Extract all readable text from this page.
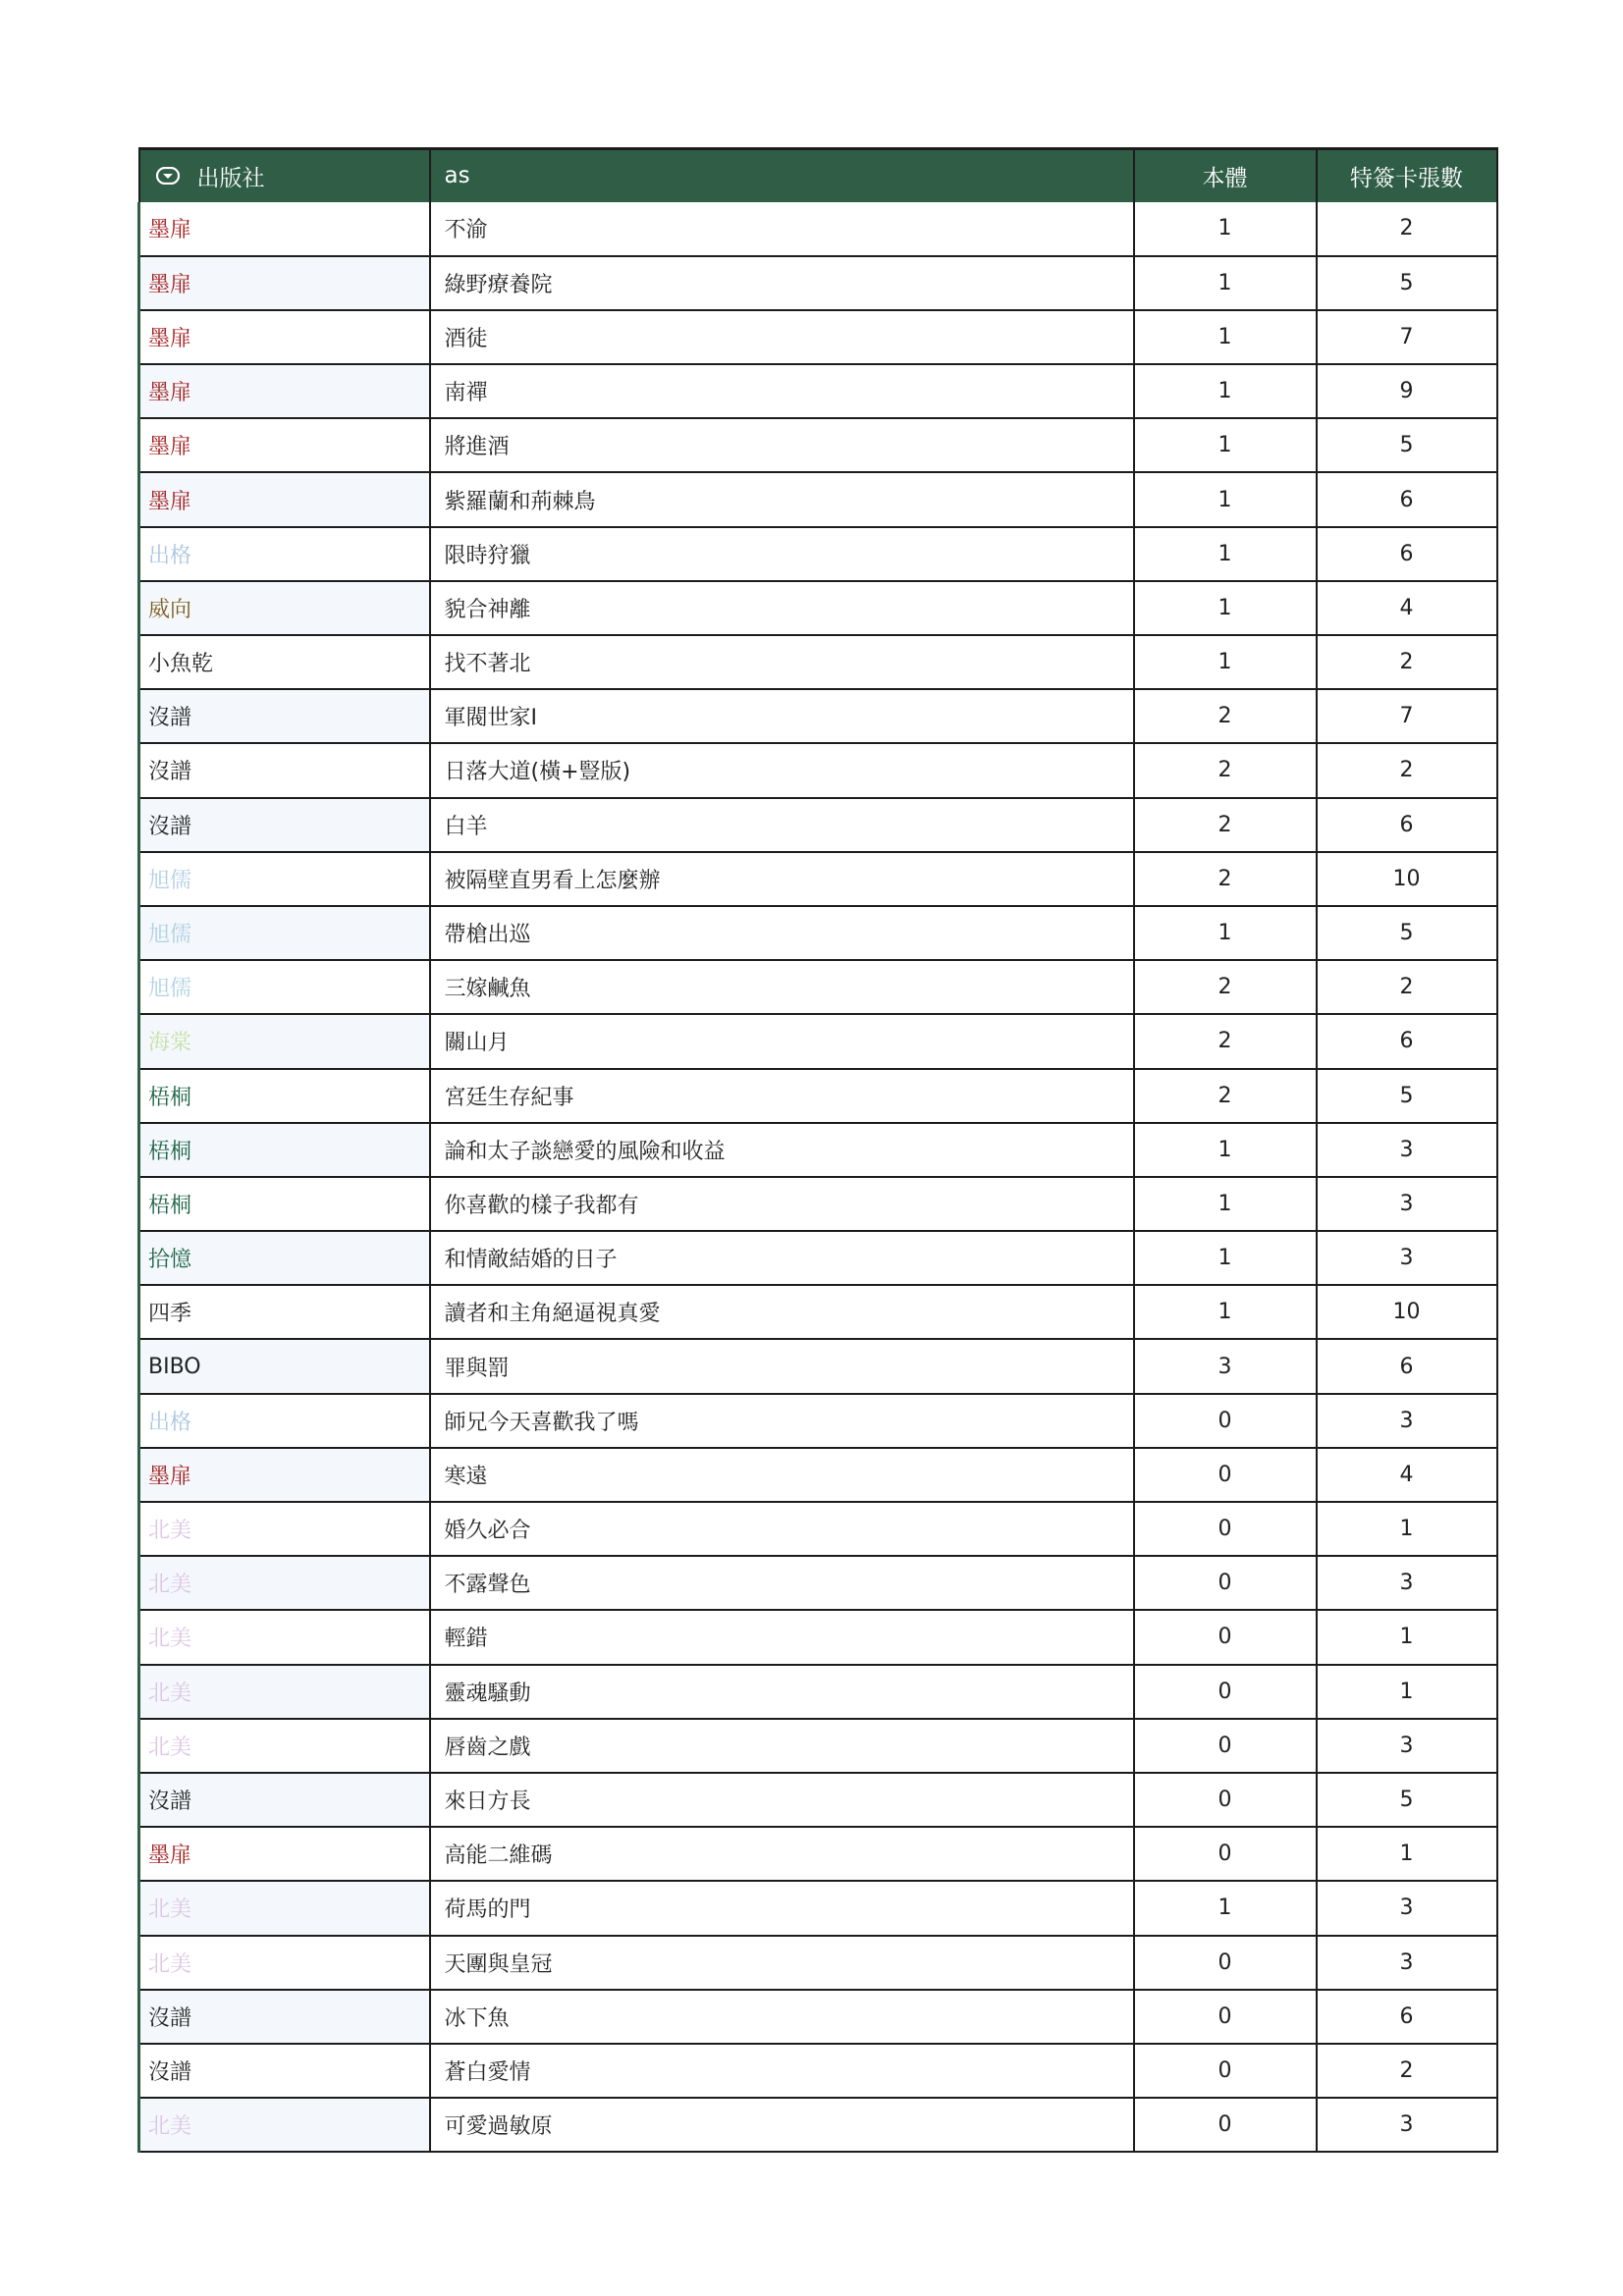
出版社	as	本體	特簽卡張數
墨扉	不渝	1	2
墨扉	綠野療養院	1	5
墨扉	酒徒	1	7
墨扉	南禪	1	9
墨扉	將進酒	1	5
墨扉	紫羅蘭和荊棘鳥	1	6
出格	限時狩獵	1	6
威向	貌合神離	1	4
小魚乾	找不著北	1	2
沒譜	軍閥世家I	2	7
沒譜	日落大道(橫+豎版)	2	2
沒譜	白羊	2	6
旭儒	被隔壁直男看上怎麼辦	2	10
旭儒	帶槍出巡	1	5
旭儒	三嫁鹹魚	2	2
海棠	關山月	2	6
梧桐	宮廷生存紀事	2	5
梧桐	論和太子談戀愛的風險和收益	1	3
梧桐	你喜歡的樣子我都有	1	3
拾憶	和情敵結婚的日子	1	3
四季	讀者和主角絕逼視真愛	1	10
BIBO	罪與罰	3	6
出格	師兄今天喜歡我了嗎	0	3
墨扉	寒遠	0	4
北美	婚久必合	0	1
北美	不露聲色	0	3
北美	輕錯	0	1
北美	靈魂騷動	0	1
北美	唇齒之戲	0	3
沒譜	來日方長	0	5
墨扉	高能二維碼	0	1
北美	荷馬的門	1	3
北美	天團與皇冠	0	3
沒譜	冰下魚	0	6
沒譜	蒼白愛情	0	2
北美	可愛過敏原	0	3
